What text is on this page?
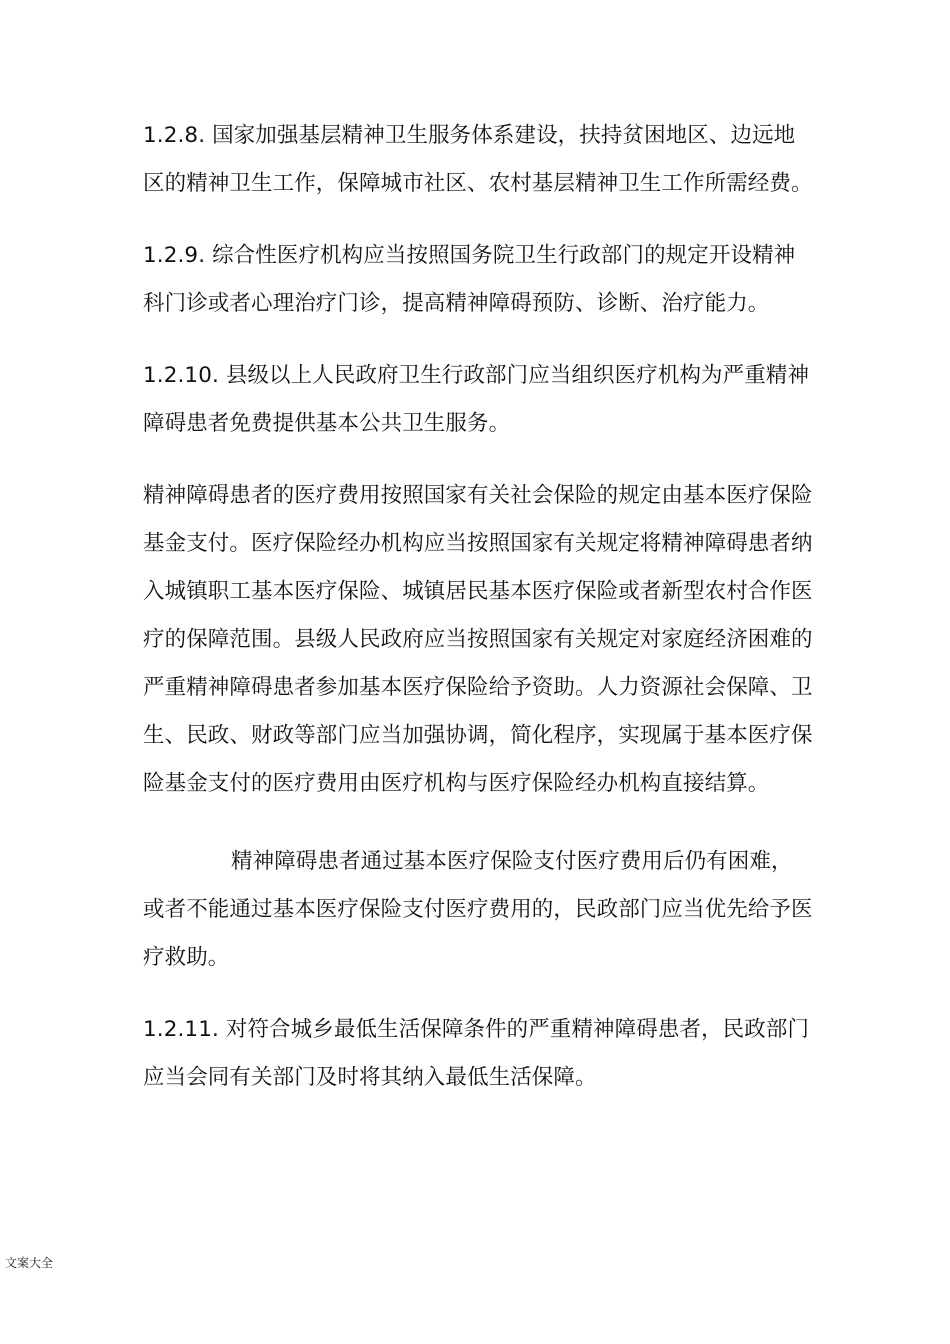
1.2.8. 国家加强基层精神卫生服务体系建设，扶持贫困地区、边远地区的精神卫生工作，保障城市社区、农村基层精神卫生工作所需经费。

1.2.9. 综合性医疗机构应当按照国务院卫生行政部门的规定开设精神科门诊或者心理治疗门诊，提高精神障碍预防、诊断、治疗能力。

1.2.10. 县级以上人民政府卫生行政部门应当组织医疗机构为严重精神障碍患者免费提供基本公共卫生服务。

精神障碍患者的医疗费用按照国家有关社会保险的规定由基本医疗保险基金支付。医疗保险经办机构应当按照国家有关规定将精神障碍患者纳入城镇职工基本医疗保险、城镇居民基本医疗保险或者新型农村合作医疗的保障范围。县级人民政府应当按照国家有关规定对家庭经济困难的严重精神障碍患者参加基本医疗保险给予资助。人力资源社会保障、卫生、民政、财政等部门应当加强协调，简化程序，实现属于基本医疗保险基金支付的医疗费用由医疗机构与医疗保险经办机构直接结算。

精神障碍患者通过基本医疗保险支付医疗费用后仍有困难，或者不能通过基本医疗保险支付医疗费用的，民政部门应当优先给予医疗救助。

1.2.11. 对符合城乡最低生活保障条件的严重精神障碍患者，民政部门应当会同有关部门及时将其纳入最低生活保障。

文案大全
